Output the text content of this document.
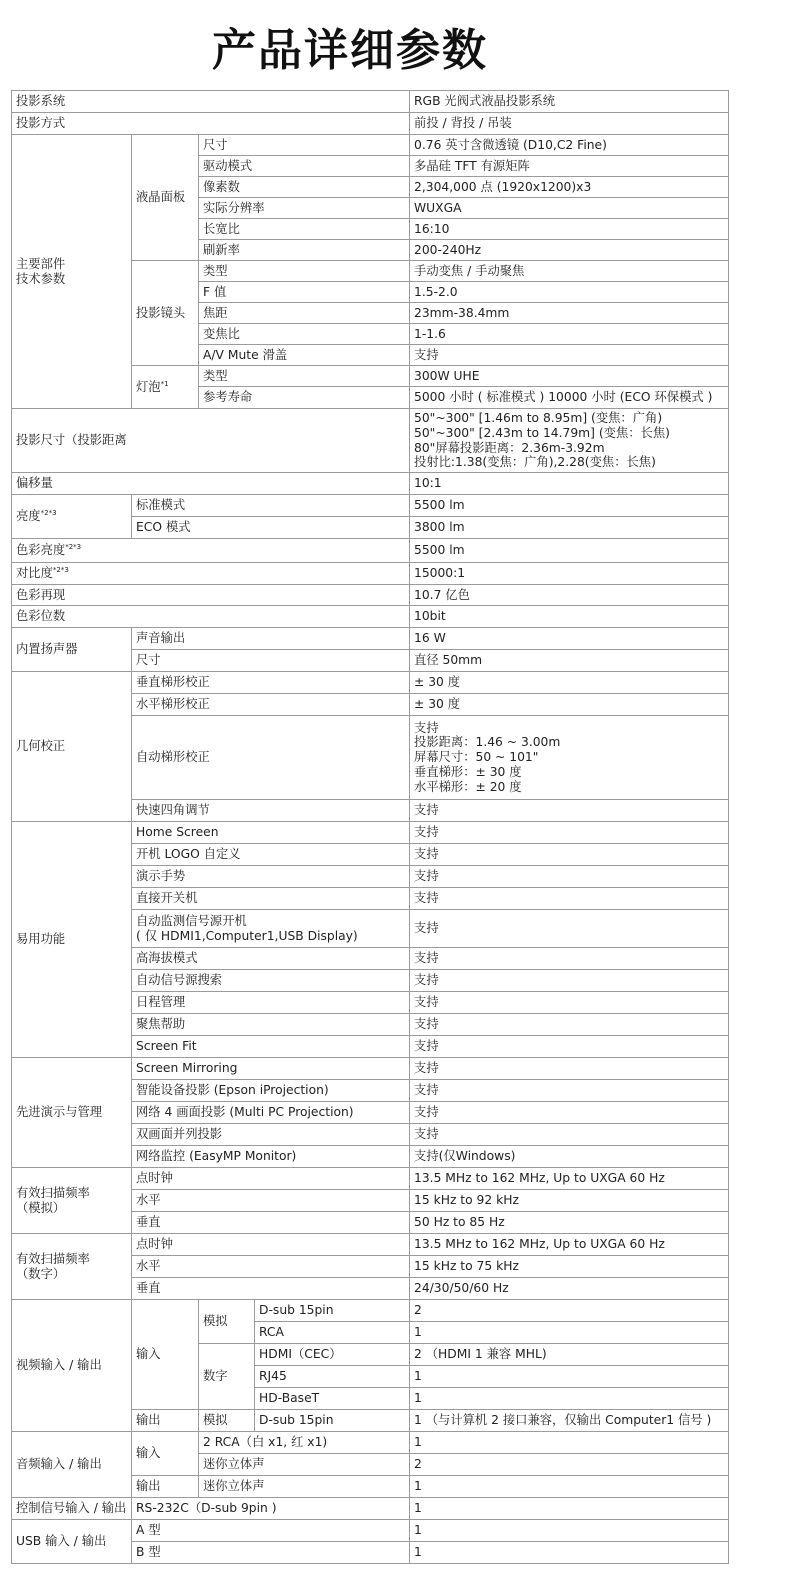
产品详细参数
投影系统				RGB 光阀式液晶投影系统
投影方式				前投 / 背投 / 吊装
主要部件
技术参数	液晶面板	尺寸		0.76 英寸含微透镜 (D10,C2 Fine)
		驱动模式		多晶硅 TFT 有源矩阵
		像素数		2,304,000 点 (1920x1200)x3
		实际分辨率		WUXGA
		长宽比		16:10
		刷新率		200-240Hz
	投影镜头	类型		手动变焦 / 手动聚焦
		F 值		1.5-2.0
		焦距		23mm-38.4mm
		变焦比		1-1.6
		A/V Mute 滑盖		支持
	灯泡$^{*1}$	类型		300W UHE
		参考寿命		5000 小时 ( 标准模式 ) 10000 小时 (ECO 环保模式 )
投影尺寸（投影距离				50"~300" [1.46m to 8.95m] (变焦：广角)
50"~300" [2.43m to 14.79m] (变焦：长焦)
80"屏幕投影距离：2.36m-3.92m
投射比:1.38(变焦：广角),2.28(变焦：长焦)
偏移量				10:1
亮度$^{*2*3}$	标准模式			5500 lm
	ECO 模式			3800 lm
色彩亮度$^{*2*3}$				5500 lm
对比度$^{*2*3}$				15000:1
色彩再现				10.7 亿色
色彩位数				10bit
内置扬声器	声音输出			16 W
	尺寸			直径 50mm
几何校正	垂直梯形校正			± 30 度
	水平梯形校正			± 30 度
	自动梯形校正			支持
投影距离：1.46 ~ 3.00m
屏幕尺寸：50 ~ 101"
垂直梯形：± 30 度
水平梯形：± 20 度
	快速四角调节			支持
易用功能	Home Screen			支持
	开机 LOGO 自定义			支持
	演示手势			支持
	直接开关机			支持
	自动监测信号源开机
( 仅 HDMI1,Computer1,USB Display)			支持
	高海拔模式			支持
	自动信号源搜索			支持
	日程管理			支持
	聚焦帮助			支持
	Screen Fit			支持
先进演示与管理	Screen Mirroring			支持
	智能设备投影 (Epson iProjection)			支持
	网络 4 画面投影 (Multi PC Projection)			支持
	双画面并列投影			支持
	网络监控 (EasyMP Monitor)			支持(仅Windows)
有效扫描频率
（模拟）	点时钟			13.5 MHz to 162 MHz, Up to UXGA 60 Hz
	水平			15 kHz to 92 kHz
	垂直			50 Hz to 85 Hz
有效扫描频率
（数字）	点时钟			13.5 MHz to 162 MHz, Up to UXGA 60 Hz
	水平			15 kHz to 75 kHz
	垂直			24/30/50/60 Hz
视频输入 / 输出	输入	模拟	D-sub 15pin	2
			RCA	1
		数字	HDMI（CEC）	2 （HDMI 1 兼容 MHL)
			RJ45	1
			HD-BaseT	1
	输出	模拟	D-sub 15pin	1 （与计算机 2 接口兼容，仅输出 Computer1 信号 )
音频输入 / 输出	输入	2 RCA（白 x1, 红 x1)		1
		迷你立体声		2
	输出	迷你立体声		1
控制信号输入 / 输出	RS-232C（D-sub 9pin )			1
USB 输入 / 输出	A 型			1
	B 型			1
